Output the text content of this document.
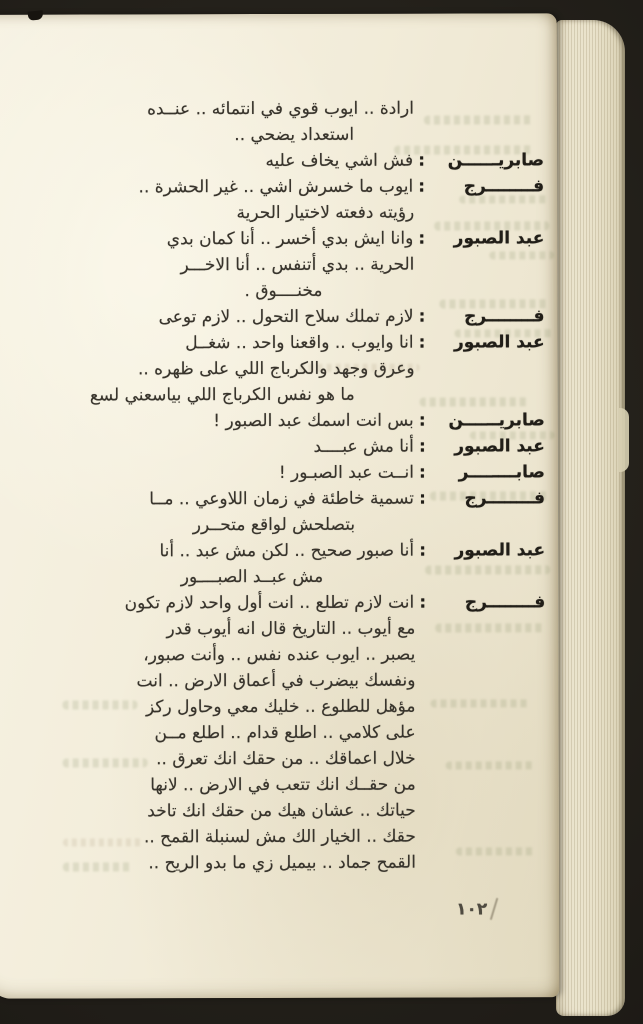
ارادة .. ايوب قوي في انتمائه .. عنــده
استعداد يضحي ..
صابريــــــن:فش اشي يخاف عليه
فــــــــرج:ايوب ما خسرش اشي .. غير الحشرة ..
رؤيته دفعته لاختيار الحرية
عبد الصبور:وانا ايش بدي أخسر .. أنا كمان بدي
الحرية .. بدي أتنفس .. أنا الاخـــر
مخنــــوق .
فــــــــرج:لازم تملك سلاح التحول .. لازم توعى
عبد الصبور:انا وايوب .. واقعنا واحد .. شغــل
وعرق وجهد والكرباج اللي على ظهره ..
ما هو نفس الكرباج اللي بياسعني لسع
صابريــــــن:بس انت اسمك عبد الصبور !
عبد الصبور:أنا مش عبــــد
صابــــــــر:انــت عبد الصبـور !
فــــــــرج:تسمية خاطئة في زمان اللاوعي .. مــا
بتصلحش لواقع متحــرر
عبد الصبور:أنا صبور صحيح .. لكن مش عبد .. أنا
مش عبــد الصبــــور
فــــــــرج:انت لازم تطلع .. انت أول واحد لازم تكون
مع أيوب .. التاريخ قال انه أيوب قدر
يصبر .. ايوب عنده نفس .. وأنت صبور،
ونفسك بيضرب في أعماق الارض .. انت
مؤهل للطلوع .. خليك معي وحاول ركز
على كلامي .. اطلع قدام .. اطلع مــن
خلال اعماقك .. من حقك انك تعرق ..
من حقــك انك تتعب في الارض .. لانها
حياتك .. عشان هيك من حقك انك تاخد
حقك .. الخيار الك مش لسنبلة القمح ..
القمح جماد .. بيميل زي ما بدو الريح ..
١٠٢
